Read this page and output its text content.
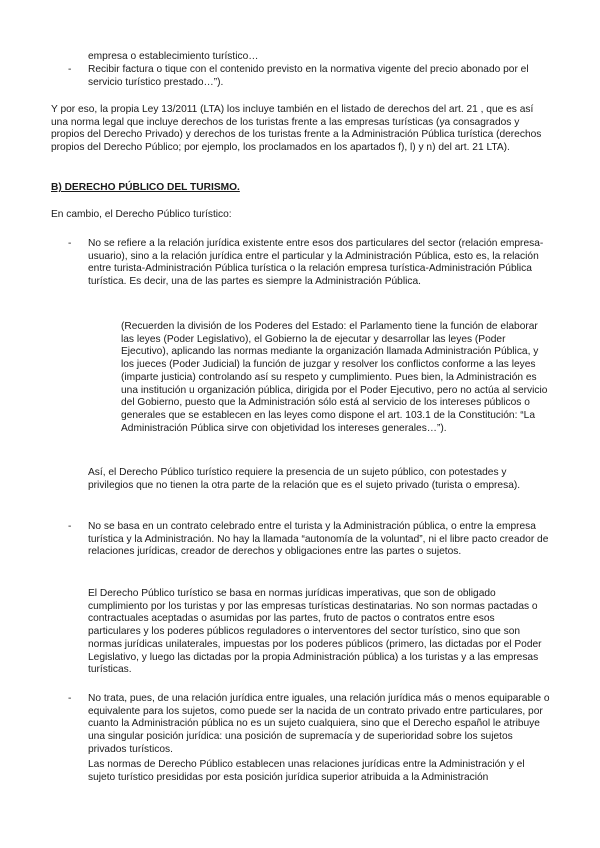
empresa o establecimiento turístico…

-	Recibir factura o tique con el contenido previsto en la normativa vigente del precio abonado por el servicio turístico prestado…”).

Y por eso, la propia Ley 13/2011 (LTA) los incluye también en el listado de derechos del art. 21 , que es así una norma legal que incluye derechos de los turistas frente a las empresas turísticas (ya consagrados y propios del Derecho Privado) y derechos de los turistas frente a la Administración Pública turística (derechos propios del Derecho Público; por ejemplo, los proclamados en los apartados f), l) y n) del art. 21 LTA).

B) DERECHO PÚBLICO DEL TURISMO.

En cambio, el Derecho Público turístico:

-	No se refiere a la relación jurídica existente entre esos dos particulares del sector (relación empresa-usuario), sino a la relación jurídica entre el particular y la Administración Pública, esto es, la relación entre turista-Administración Pública turística o la relación empresa turística-Administración Pública turística. Es decir, una de las partes es siempre la Administración Pública.

(Recuerden la división de los Poderes del Estado: el Parlamento tiene la función de elaborar las leyes (Poder Legislativo), el Gobierno la de ejecutar y desarrollar las leyes (Poder Ejecutivo), aplicando las normas mediante la organización llamada Administración Pública, y los jueces (Poder Judicial) la función de juzgar y resolver los conflictos conforme a las leyes (imparte justicia) controlando así su respeto y cumplimiento. Pues bien, la Administración es una institución u organización pública, dirigida por el Poder Ejecutivo, pero no actúa al servicio del Gobierno, puesto que la Administración sólo está al servicio de los intereses públicos o generales que se establecen en las leyes como dispone el art. 103.1 de la Constitución: “La Administración Pública sirve con objetividad los intereses generales…”).

Así, el Derecho Público turístico requiere la presencia de un sujeto público, con potestades y privilegios que no tienen la otra parte de la relación que es el sujeto privado (turista o empresa).

-	No se basa en un contrato celebrado entre el turista y la Administración pública, o entre la empresa turística y la Administración. No hay la llamada “autonomía de la voluntad”, ni el libre pacto creador de relaciones jurídicas, creador de derechos y obligaciones entre las partes o sujetos.

El Derecho Público turístico se basa en normas jurídicas imperativas, que son de obligado cumplimiento por los turistas y por las empresas turísticas destinatarias. No son normas pactadas o contractuales aceptadas o asumidas por las partes, fruto de pactos o contratos entre esos particulares y los poderes públicos reguladores o interventores del sector turístico, sino que son normas jurídicas unilaterales, impuestas por los poderes públicos (primero, las dictadas por el Poder Legislativo, y luego las dictadas por la propia Administración pública) a los turistas y a las empresas turísticas.

-	No trata, pues, de una relación jurídica entre iguales, una relación jurídica más o menos equiparable o equivalente para los sujetos, como puede ser la nacida de un contrato privado entre particulares, por cuanto la Administración pública no es un sujeto cualquiera, sino que el Derecho español le atribuye una singular posición jurídica: una posición de supremacía y de superioridad sobre los sujetos privados turísticos.

Las normas de Derecho Público establecen unas relaciones jurídicas entre la Administración y el sujeto turístico presididas por esta posición jurídica superior atribuida a la Administración
